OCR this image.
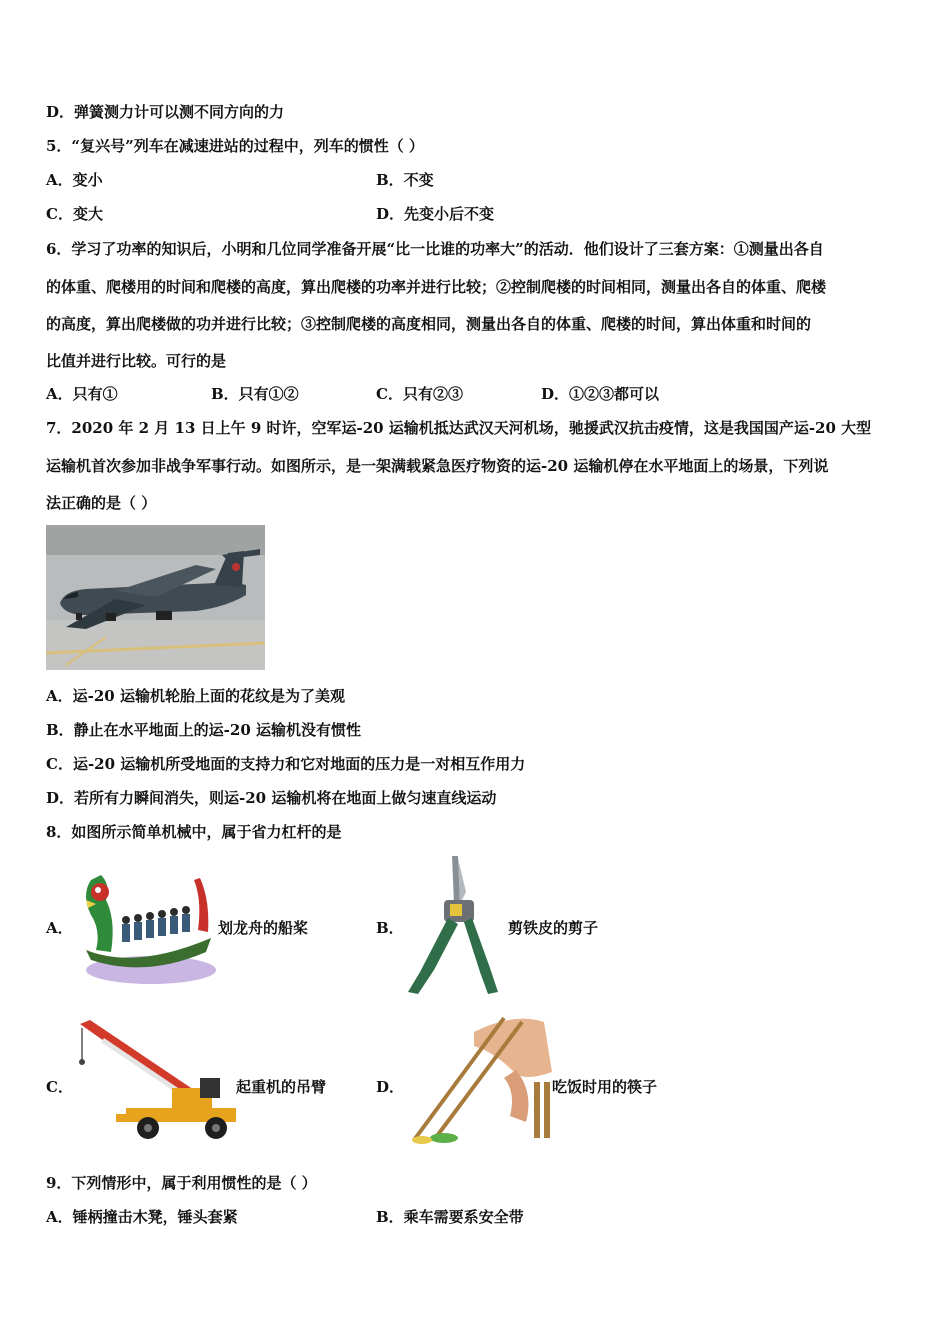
D．弹簧测力计可以测不同方向的力
5．“复兴号”列车在减速进站的过程中，列车的惯性（ ）
A．变小	B．不变
C．变大	D．先变小后不变
6．学习了功率的知识后，小明和几位同学准备开展“比一比谁的功率大”的活动．他们设计了三套方案：①测量出各自
的体重、爬楼用的时间和爬楼的高度，算出爬楼的功率并进行比较；②控制爬楼的时间相同，测量出各自的体重、爬楼
的高度，算出爬楼做的功并进行比较；③控制爬楼的高度相同，测量出各自的体重、爬楼的时间，算出体重和时间的
比值并进行比较。可行的是
A．只有①	B．只有①②	C．只有②③	D．①②③都可以
7．2020 年 2 月 13 日上午 9 时许，空军运-20 运输机抵达武汉天河机场，驰援武汉抗击疫情，这是我国国产运-20 大型
运输机首次参加非战争军事行动。如图所示，是一架满载紧急医疗物资的运-20 运输机停在水平地面上的场景，下列说
法正确的是（ ）
A．运-20 运输机轮胎上面的花纹是为了美观
B．静止在水平地面上的运-20 运输机没有惯性
C．运-20 运输机所受地面的支持力和它对地面的压力是一对相互作用力
D．若所有力瞬间消失，则运-20 运输机将在地面上做匀速直线运动
8．如图所示简单机械中，属于省力杠杆的是
A．	划龙舟的船桨	B．	剪铁皮的剪子
C．	起重机的吊臂	D．	吃饭时用的筷子
9．下列情形中，属于利用惯性的是（ ）
A．锤柄撞击木凳，锤头套紧	B．乘车需要系安全带
